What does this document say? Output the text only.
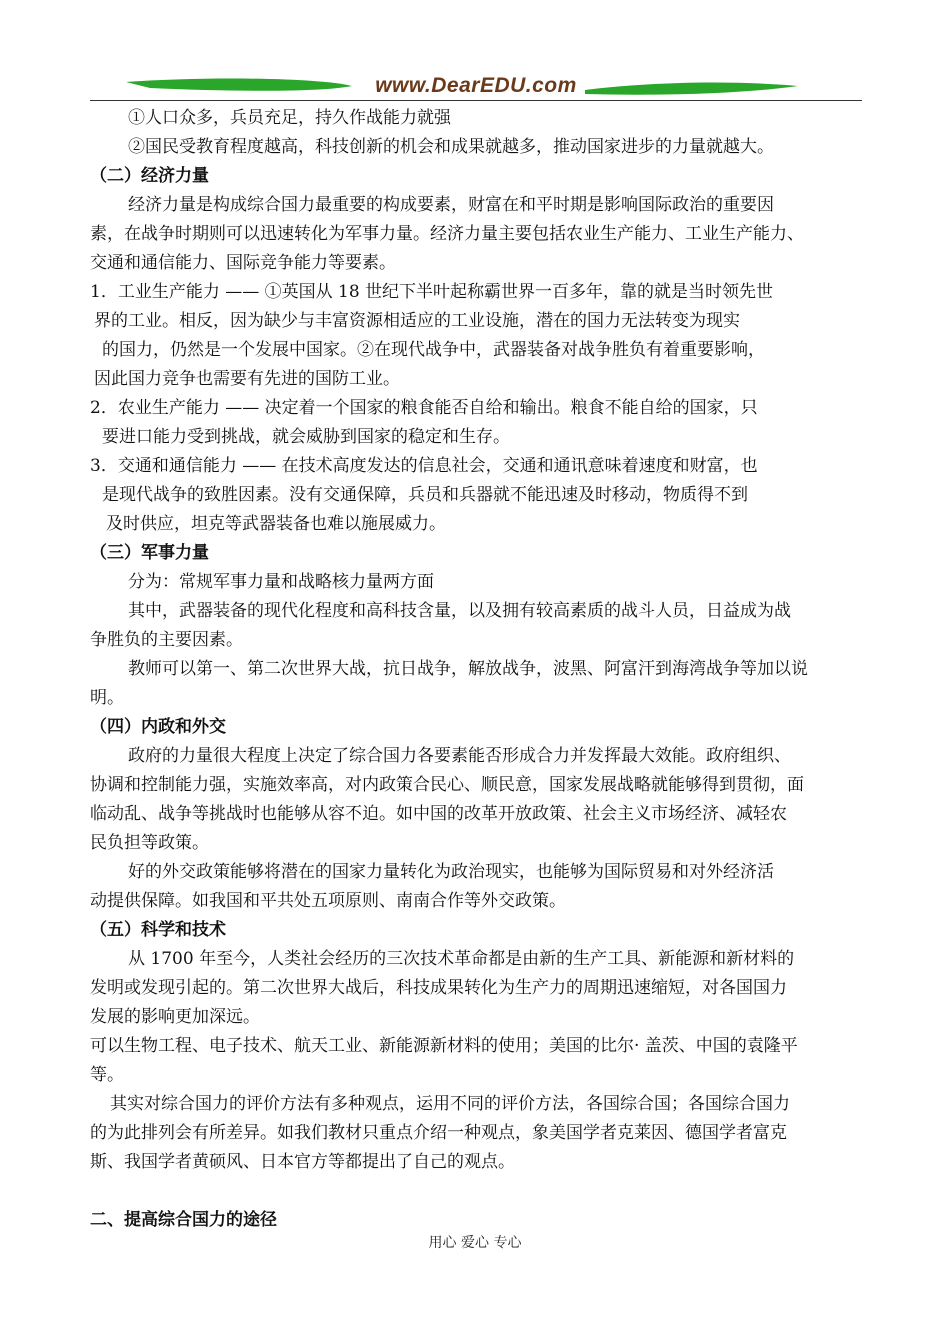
www.DearEDU.com
①人口众多，兵员充足，持久作战能力就强
②国民受教育程度越高，科技创新的机会和成果就越多，推动国家进步的力量就越大。
（二）经济力量
经济力量是构成综合国力最重要的构成要素，财富在和平时期是影响国际政治的重要因
素，在战争时期则可以迅速转化为军事力量。经济力量主要包括农业生产能力、工业生产能力、
交通和通信能力、国际竞争能力等要素。
1．工业生产能力 —— ①英国从 18 世纪下半叶起称霸世界一百多年，靠的就是当时领先世
界的工业。相反，因为缺少与丰富资源相适应的工业设施，潜在的国力无法转变为现实
的国力，仍然是一个发展中国家。②在现代战争中，武器装备对战争胜负有着重要影响，
因此国力竞争也需要有先进的国防工业。
2．农业生产能力 —— 决定着一个国家的粮食能否自给和输出。粮食不能自给的国家，只
要进口能力受到挑战，就会威胁到国家的稳定和生存。
3．交通和通信能力 —— 在技术高度发达的信息社会，交通和通讯意味着速度和财富，也
是现代战争的致胜因素。没有交通保障，兵员和兵器就不能迅速及时移动，物质得不到
及时供应，坦克等武器装备也难以施展威力。
（三）军事力量
分为：常规军事力量和战略核力量两方面
其中，武器装备的现代化程度和高科技含量，以及拥有较高素质的战斗人员，日益成为战
争胜负的主要因素。
教师可以第一、第二次世界大战，抗日战争，解放战争，波黑、阿富汗到海湾战争等加以说
明。
（四）内政和外交
政府的力量很大程度上决定了综合国力各要素能否形成合力并发挥最大效能。政府组织、
协调和控制能力强，实施效率高，对内政策合民心、顺民意，国家发展战略就能够得到贯彻，面
临动乱、战争等挑战时也能够从容不迫。如中国的改革开放政策、社会主义市场经济、减轻农
民负担等政策。
好的外交政策能够将潜在的国家力量转化为政治现实，也能够为国际贸易和对外经济活
动提供保障。如我国和平共处五项原则、南南合作等外交政策。
（五）科学和技术
从 1700 年至今，人类社会经历的三次技术革命都是由新的生产工具、新能源和新材料的
发明或发现引起的。第二次世界大战后，科技成果转化为生产力的周期迅速缩短，对各国国力
发展的影响更加深远。
可以生物工程、电子技术、航天工业、新能源新材料的使用；美国的比尔· 盖茨、中国的袁隆平
等。
其实对综合国力的评价方法有多种观点，运用不同的评价方法，各国综合国；各国综合国力
的为此排列会有所差异。如我们教材只重点介绍一种观点，象美国学者克莱因、德国学者富克
斯、我国学者黄硕风、日本官方等都提出了自己的观点。
二、提高综合国力的途径
用心 爱心 专心
